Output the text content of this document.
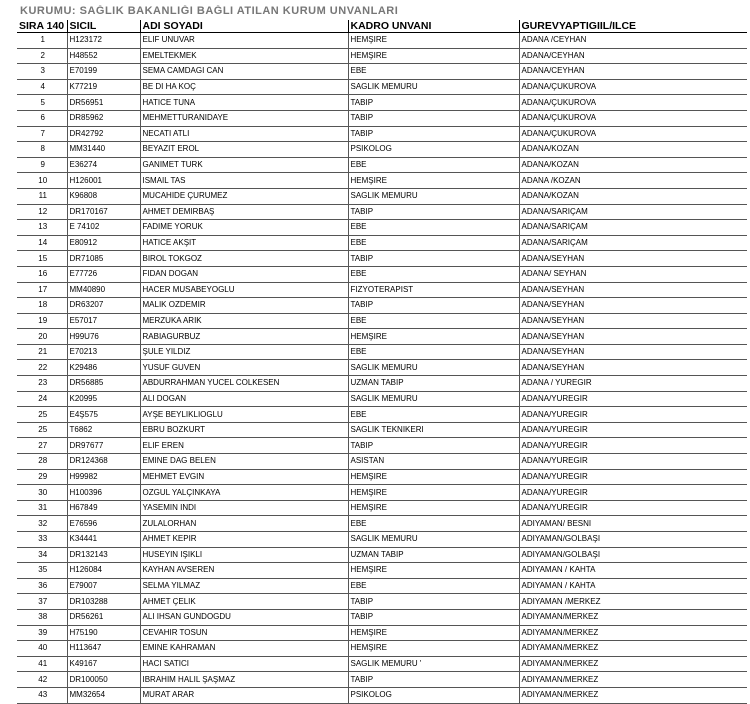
KURUMU: SAĞLIK BAKANLIĞI BAĞLI ATILAN KURUM UNVANLARI
SIRA 140	SICIL	ADI SOYADI	KADRO UNVANI	GUREVYAPTIGIIL/ILCE
1	H123172	ELIF UNUVAR	HEMŞIRE	ADANA /CEYHAN
2	H48552	EMELTEKMEK	HEMŞIRE	ADANA/CEYHAN
3	E70199	SEMA CAMDAGI CAN	EBE	ADANA/CEYHAN
4	K77219	BE DI HA KOÇ	SAGLIK MEMURU	ADANA/ÇUKUROVA
5	DR56951	HATICE TUNA	TABIP	ADANA/ÇUKUROVA
6	DR85962	MEHMETTURANIDAYE	TABIP	ADANA/ÇUKUROVA
7	DR42792	NECATI ATLI	TABIP	ADANA/ÇUKUROVA
8	MM31440	BEYAZIT EROL	PSIKOLOG	ADANA/KOZAN
9	E36274	GANIMET TURK	EBE	ADANA/KOZAN
10	H126001	ISMAIL TAS	HEMŞIRE	ADANA /KOZAN
11	K96808	MUCAHIDE ÇURUMEZ	SAGLIK MEMURU	ADANA/KOZAN
12	DR170167	AHMET DEMIRBAŞ	TABIP	ADANA/SARIÇAM
13	E 74102	FADIME YORUK	EBE	ADANA/SARIÇAM
14	E80912	HATICE AKŞIT	EBE	ADANA/SARIÇAM
15	DR71085	BIROL TOKGOZ	TABIP	ADANA/SEYHAN
16	E77726	FIDAN DOGAN	EBE	ADANA/ SEYHAN
17	MM40890	HACER MUSABEYOGLU	FIZYOTERAPIST	ADANA/SEYHAN
18	DR63207	MALIK OZDEMIR	TABIP	ADANA/SEYHAN
19	E57017	MERZUKA ARIK	EBE	ADANA/SEYHAN
20	H99U76	RABIAGURBUZ	HEMŞIRE	ADANA/SEYHAN
21	E70213	ŞULE YILDIZ	EBE	ADANA/SEYHAN
22	K29486	YUSUF GUVEN	SAGLIK MEMURU	ADANA/SEYHAN
23	DR56885	ABDURRAHMAN YUCEL COLKESEN	UZMAN TABIP	ADANA / YUREGIR
24	K20995	ALI DOGAN	SAGLIK MEMURU	ADANA/YUREGIR
25	E4Ş575	AYŞE BEYLIKLIOGLU	EBE	ADANA/YUREGIR
25	T6862	EBRU BOZKURT	SAGLIK TEKNIKERI	ADANA/YUREGIR
27	DR97677	ELIF EREN	TABIP	ADANA/YUREGIR
28	DR124368	EMINE DAG BELEN	ASISTAN	ADANA/YUREGIR
29	H99982	MEHMET EVGIN	HEMŞIRE	ADANA/YUREGIR
30	H100396	OZGUL YALÇINKAYA	HEMŞIRE	ADANA/YUREGIR
31	H67849	YASEMIN INDI	HEMŞIRE	ADANA/YUREGIR
32	E76596	ZULALORHAN	EBE	ADIYAMAN/ BESNI
33	K34441	AHMET KEPIR	SAGLIK MEMURU	ADIYAMAN/GOLBAŞI
34	DR132143	HUSEYIN IŞIKLI	UZMAN TABIP	ADIYAMAN/GOLBAŞI
35	H126084	KAYHAN AVSEREN	HEMŞIRE	ADIYAMAN / KAHTA
36	E79007	SELMA YILMAZ	EBE	ADIYAMAN / KAHTA
37	DR103288	AHMET ÇELIK	TABIP	ADIYAMAN /MERKEZ
38	DR56261	ALI IHSAN GUNDOGDU	TABIP	ADIYAMAN/MERKEZ
39	H75190	CEVAHIR TOSUN	HEMŞIRE	ADIYAMAN/MERKEZ
40	H113647	EMINE KAHRAMAN	HEMŞIRE	ADIYAMAN/MERKEZ
41	K49167	HACI SATICI	SAGLIK MEMURU '	ADIYAMAN/MERKEZ
42	DR100050	IBRAHIM HALIL ŞAŞMAZ	TABIP	ADIYAMAN/MERKEZ
43	MM32654	MURAT ARAR	PSIKOLOG	ADIYAMAN/MERKEZ
